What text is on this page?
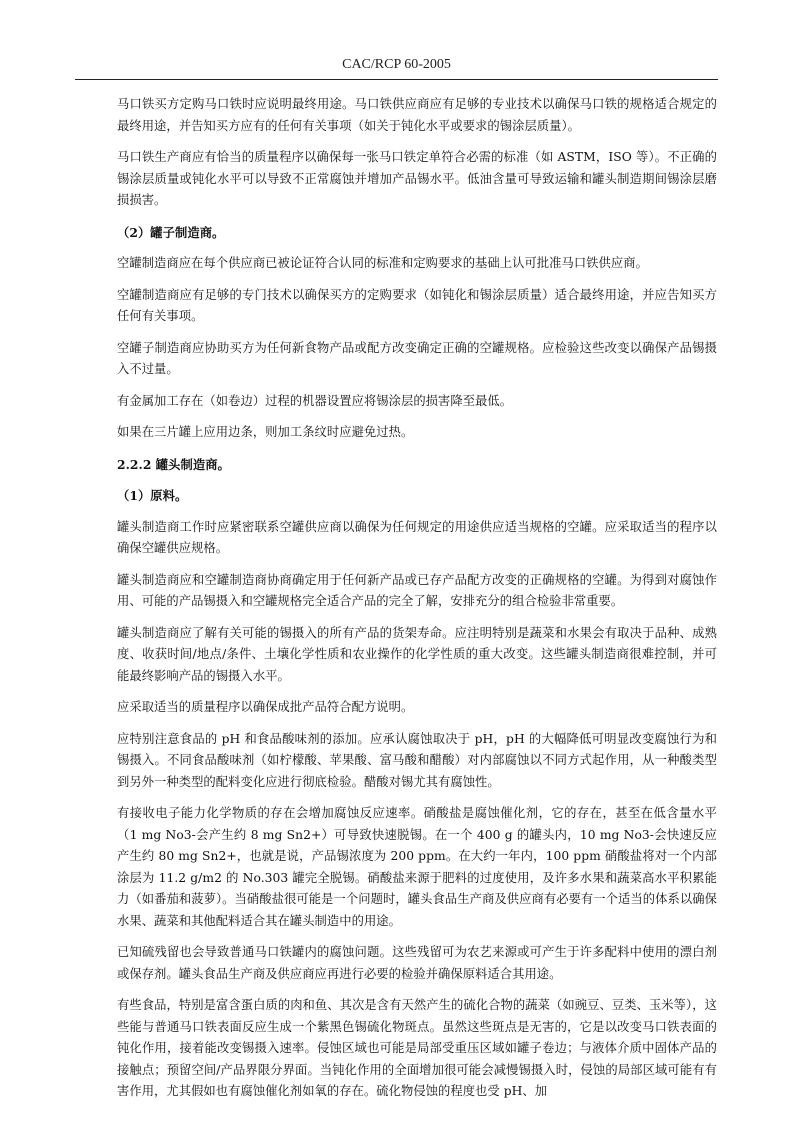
CAC/RCP 60-2005

马口铁买方定购马口铁时应说明最终用途。马口铁供应商应有足够的专业技术以确保马口铁的规格适合规定的最终用途，并告知买方应有的任何有关事项（如关于钝化水平或要求的锡涂层质量）。

马口铁生产商应有恰当的质量程序以确保每一张马口铁定单符合必需的标准（如 ASTM，ISO 等）。不正确的锡涂层质量或钝化水平可以导致不正常腐蚀并增加产品锡水平。低油含量可导致运输和罐头制造期间锡涂层磨损损害。

（2）罐子制造商。

空罐制造商应在每个供应商已被论证符合认同的标准和定购要求的基础上认可批准马口铁供应商。

空罐制造商应有足够的专门技术以确保买方的定购要求（如钝化和锡涂层质量）适合最终用途，并应告知买方任何有关事项。

空罐子制造商应协助买方为任何新食物产品或配方改变确定正确的空罐规格。应检验这些改变以确保产品锡摄入不过量。

有金属加工存在（如卷边）过程的机器设置应将锡涂层的损害降至最低。

如果在三片罐上应用边条，则加工条纹时应避免过热。

2.2.2 罐头制造商。

（1）原料。

罐头制造商工作时应紧密联系空罐供应商以确保为任何规定的用途供应适当规格的空罐。应采取适当的程序以确保空罐供应规格。

罐头制造商应和空罐制造商协商确定用于任何新产品或已存产品配方改变的正确规格的空罐。为得到对腐蚀作用、可能的产品锡摄入和空罐规格完全适合产品的完全了解，安排充分的组合检验非常重要。

罐头制造商应了解有关可能的锡摄入的所有产品的货架寿命。应注明特别是蔬菜和水果会有取决于品种、成熟度、收获时间/地点/条件、土壤化学性质和农业操作的化学性质的重大改变。这些罐头制造商很难控制，并可能最终影响产品的锡摄入水平。

应采取适当的质量程序以确保成批产品符合配方说明。

应特别注意食品的 pH 和食品酸味剂的添加。应承认腐蚀取决于 pH，pH 的大幅降低可明显改变腐蚀行为和锡摄入。不同食品酸味剂（如柠檬酸、苹果酸、富马酸和醋酸）对内部腐蚀以不同方式起作用，从一种酸类型到另外一种类型的配料变化应进行彻底检验。醋酸对锡尤其有腐蚀性。

有接收电子能力化学物质的存在会增加腐蚀反应速率。硝酸盐是腐蚀催化剂，它的存在，甚至在低含量水平（1 mg No3-会产生约 8 mg Sn2+）可导致快速脱锡。在一个 400 g 的罐头内，10 mg No3-会快速反应产生约 80 mg Sn2+，也就是说，产品锡浓度为 200 ppm。在大约一年内，100 ppm 硝酸盐将对一个内部涂层为 11.2 g/m2 的 No.303 罐完全脱锡。硝酸盐来源于肥料的过度使用，及许多水果和蔬菜高水平积累能力（如番茄和菠萝）。当硝酸盐很可能是一个问题时，罐头食品生产商及供应商有必要有一个适当的体系以确保水果、蔬菜和其他配料适合其在罐头制造中的用途。

已知硫残留也会导致普通马口铁罐内的腐蚀问题。这些残留可为农艺来源或可产生于许多配料中使用的漂白剂或保存剂。罐头食品生产商及供应商应再进行必要的检验并确保原料适合其用途。

有些食品，特别是富含蛋白质的肉和鱼、其次是含有天然产生的硫化合物的蔬菜（如豌豆、豆类、玉米等），这些能与普通马口铁表面反应生成一个紫黑色锡硫化物斑点。虽然这些斑点是无害的，它是以改变马口铁表面的钝化作用，接着能改变锡摄入速率。侵蚀区域也可能是局部受重压区域如罐子卷边；与液体介质中固体产品的接触点；预留空间/产品界限分界面。当钝化作用的全面增加很可能会减慢锡摄入时，侵蚀的局部区域可能有有害作用，尤其假如也有腐蚀催化剂如氧的存在。硫化物侵蚀的程度也受 pH、加
